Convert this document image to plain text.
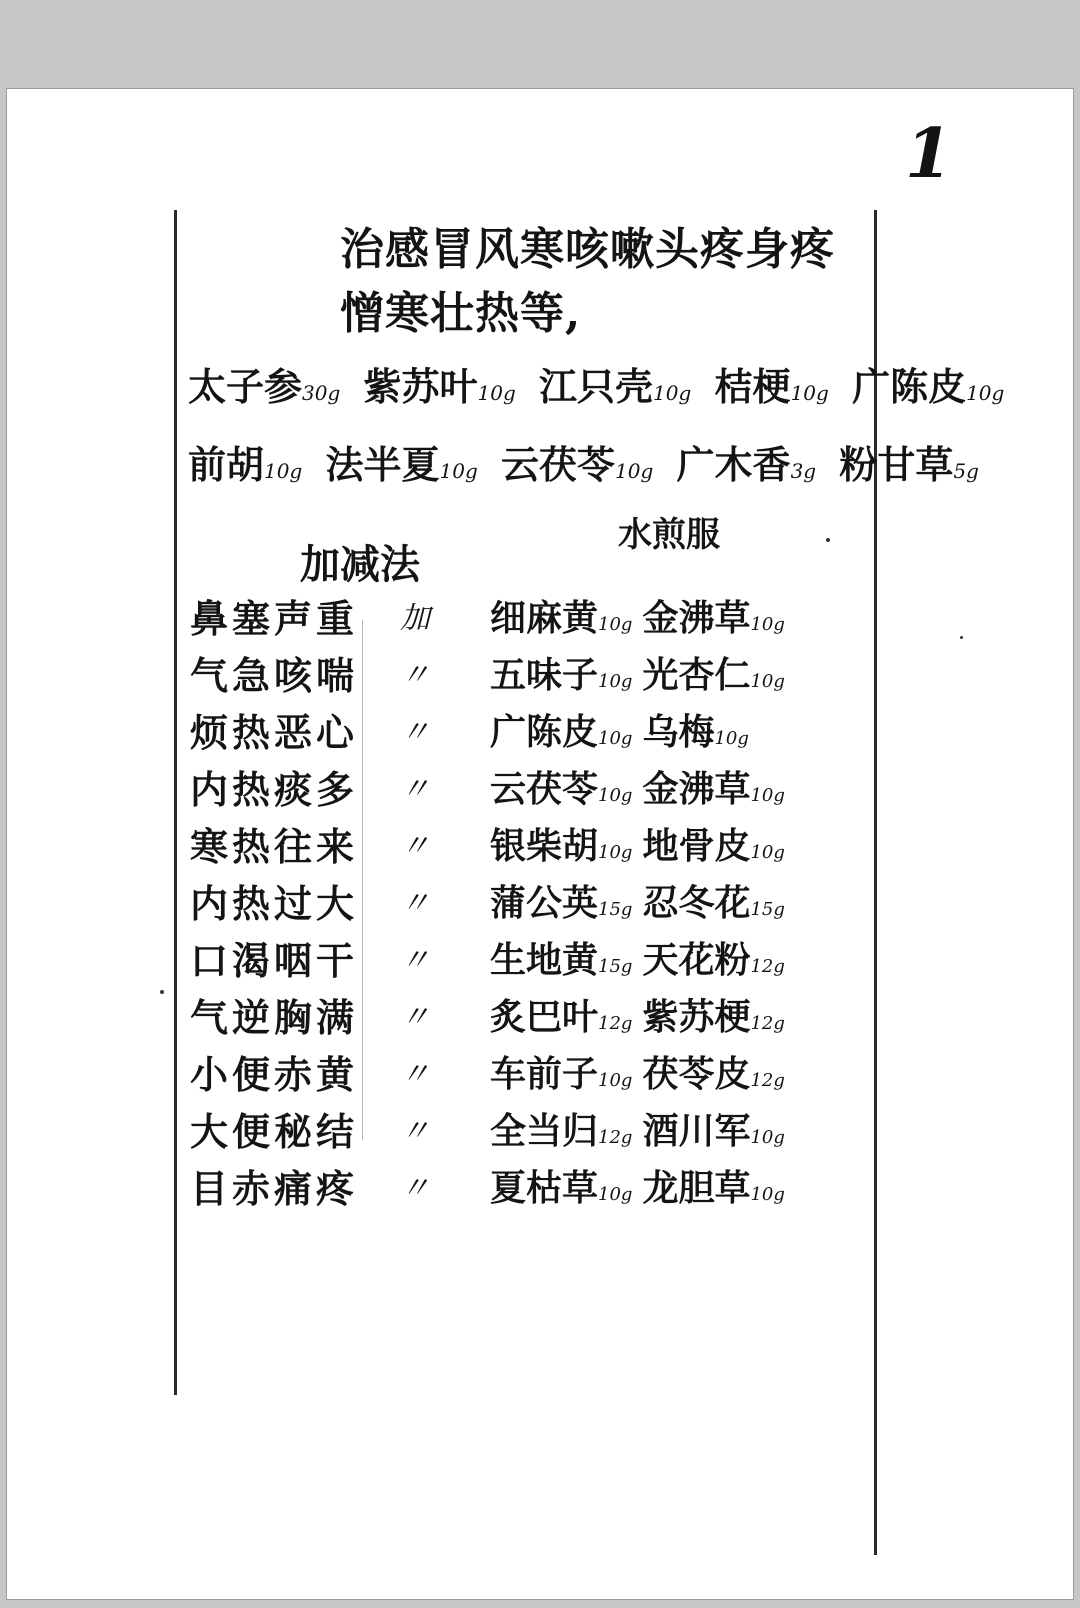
1
治感冒风寒咳嗽头疼身疼
憎寒壮热等,
太子参30g 紫苏叶10g 江只壳10g 桔梗10g 广陈皮10g
前胡10g 法半夏10g 云茯苓10g 广木香3g 粉甘草5g
水煎服
加减法
鼻塞声重 加 细麻黄10g 金沸草10g
气急咳喘 〃 五味子10g 光杏仁10g
烦热恶心 〃 广陈皮10g 乌梅10g
内热痰多 〃 云茯苓10g 金沸草10g
寒热往来 〃 银柴胡10g 地骨皮10g
内热过大 〃 蒲公英15g 忍冬花15g
口渴咽干 〃 生地黄15g 天花粉12g
气逆胸满 〃 炙巴叶12g 紫苏梗12g
小便赤黄 〃 车前子10g 茯苓皮12g
大便秘结 〃 全当归12g 酒川军10g
目赤痛疼 〃 夏枯草10g 龙胆草10g
